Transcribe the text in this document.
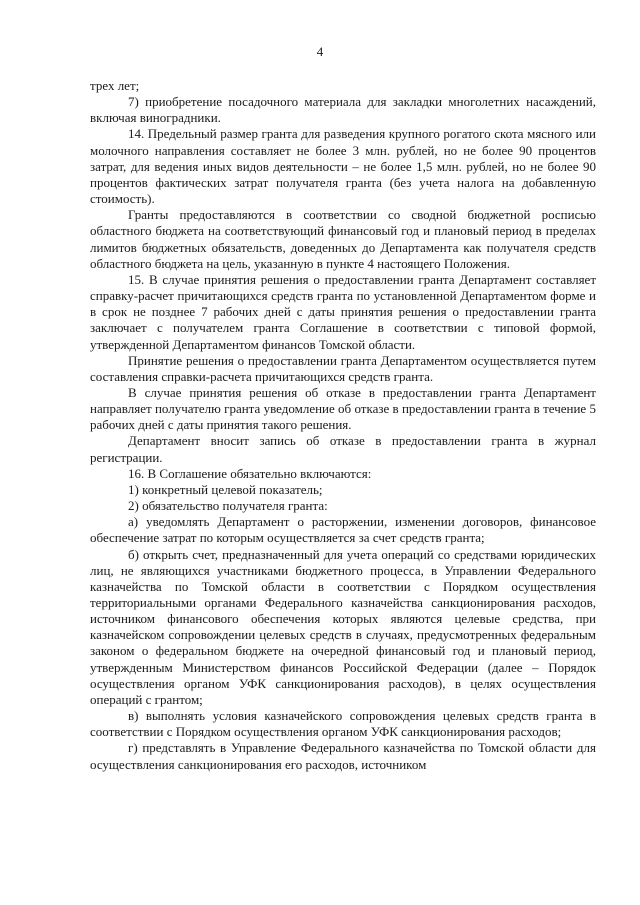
4

трех лет;

7) приобретение посадочного материала для закладки многолетних насаждений, включая виноградники.

14. Предельный размер гранта для разведения крупного рогатого скота мясного или молочного направления составляет не более 3 млн. рублей, но не более 90 процентов затрат, для ведения иных видов деятельности – не более 1,5 млн. рублей, но не более 90 процентов фактических затрат получателя гранта (без учета налога на добавленную стоимость).

Гранты предоставляются в соответствии со сводной бюджетной росписью областного бюджета на соответствующий финансовый год и плановый период в пределах лимитов бюджетных обязательств, доведенных до Департамента как получателя средств областного бюджета на цель, указанную в пункте 4 настоящего Положения.

15. В случае принятия решения о предоставлении гранта Департамент составляет справку-расчет причитающихся средств гранта по установленной Департаментом форме и в срок не позднее 7 рабочих дней с даты принятия решения о предоставлении гранта заключает с получателем гранта Соглашение в соответствии с типовой формой, утвержденной Департаментом финансов Томской области.

Принятие решения о предоставлении гранта Департаментом осуществляется путем составления справки-расчета причитающихся средств гранта.

В случае принятия решения об отказе в предоставлении гранта Департамент направляет получателю гранта уведомление об отказе в предоставлении гранта в течение 5 рабочих дней с даты принятия такого решения.

Департамент вносит запись об отказе в предоставлении гранта в журнал регистрации.

16. В Соглашение обязательно включаются:

1) конкретный целевой показатель;

2) обязательство получателя гранта:

а) уведомлять Департамент о расторжении, изменении договоров, финансовое обеспечение затрат по которым осуществляется за счет средств гранта;

б) открыть счет, предназначенный для учета операций со средствами юридических лиц, не являющихся участниками бюджетного процесса, в Управлении Федерального казначейства по Томской области в соответствии с Порядком осуществления территориальными органами Федерального казначейства санкционирования расходов, источником финансового обеспечения которых являются целевые средства, при казначейском сопровождении целевых средств в случаях, предусмотренных федеральным законом о федеральном бюджете на очередной финансовый год и плановый период, утвержденным Министерством финансов Российской Федерации (далее – Порядок осуществления органом УФК санкционирования расходов), в целях осуществления операций с грантом;

в) выполнять условия казначейского сопровождения целевых средств гранта в соответствии с Порядком осуществления органом УФК санкционирования расходов;

г) представлять в Управление Федерального казначейства по Томской области для осуществления санкционирования его расходов, источником
